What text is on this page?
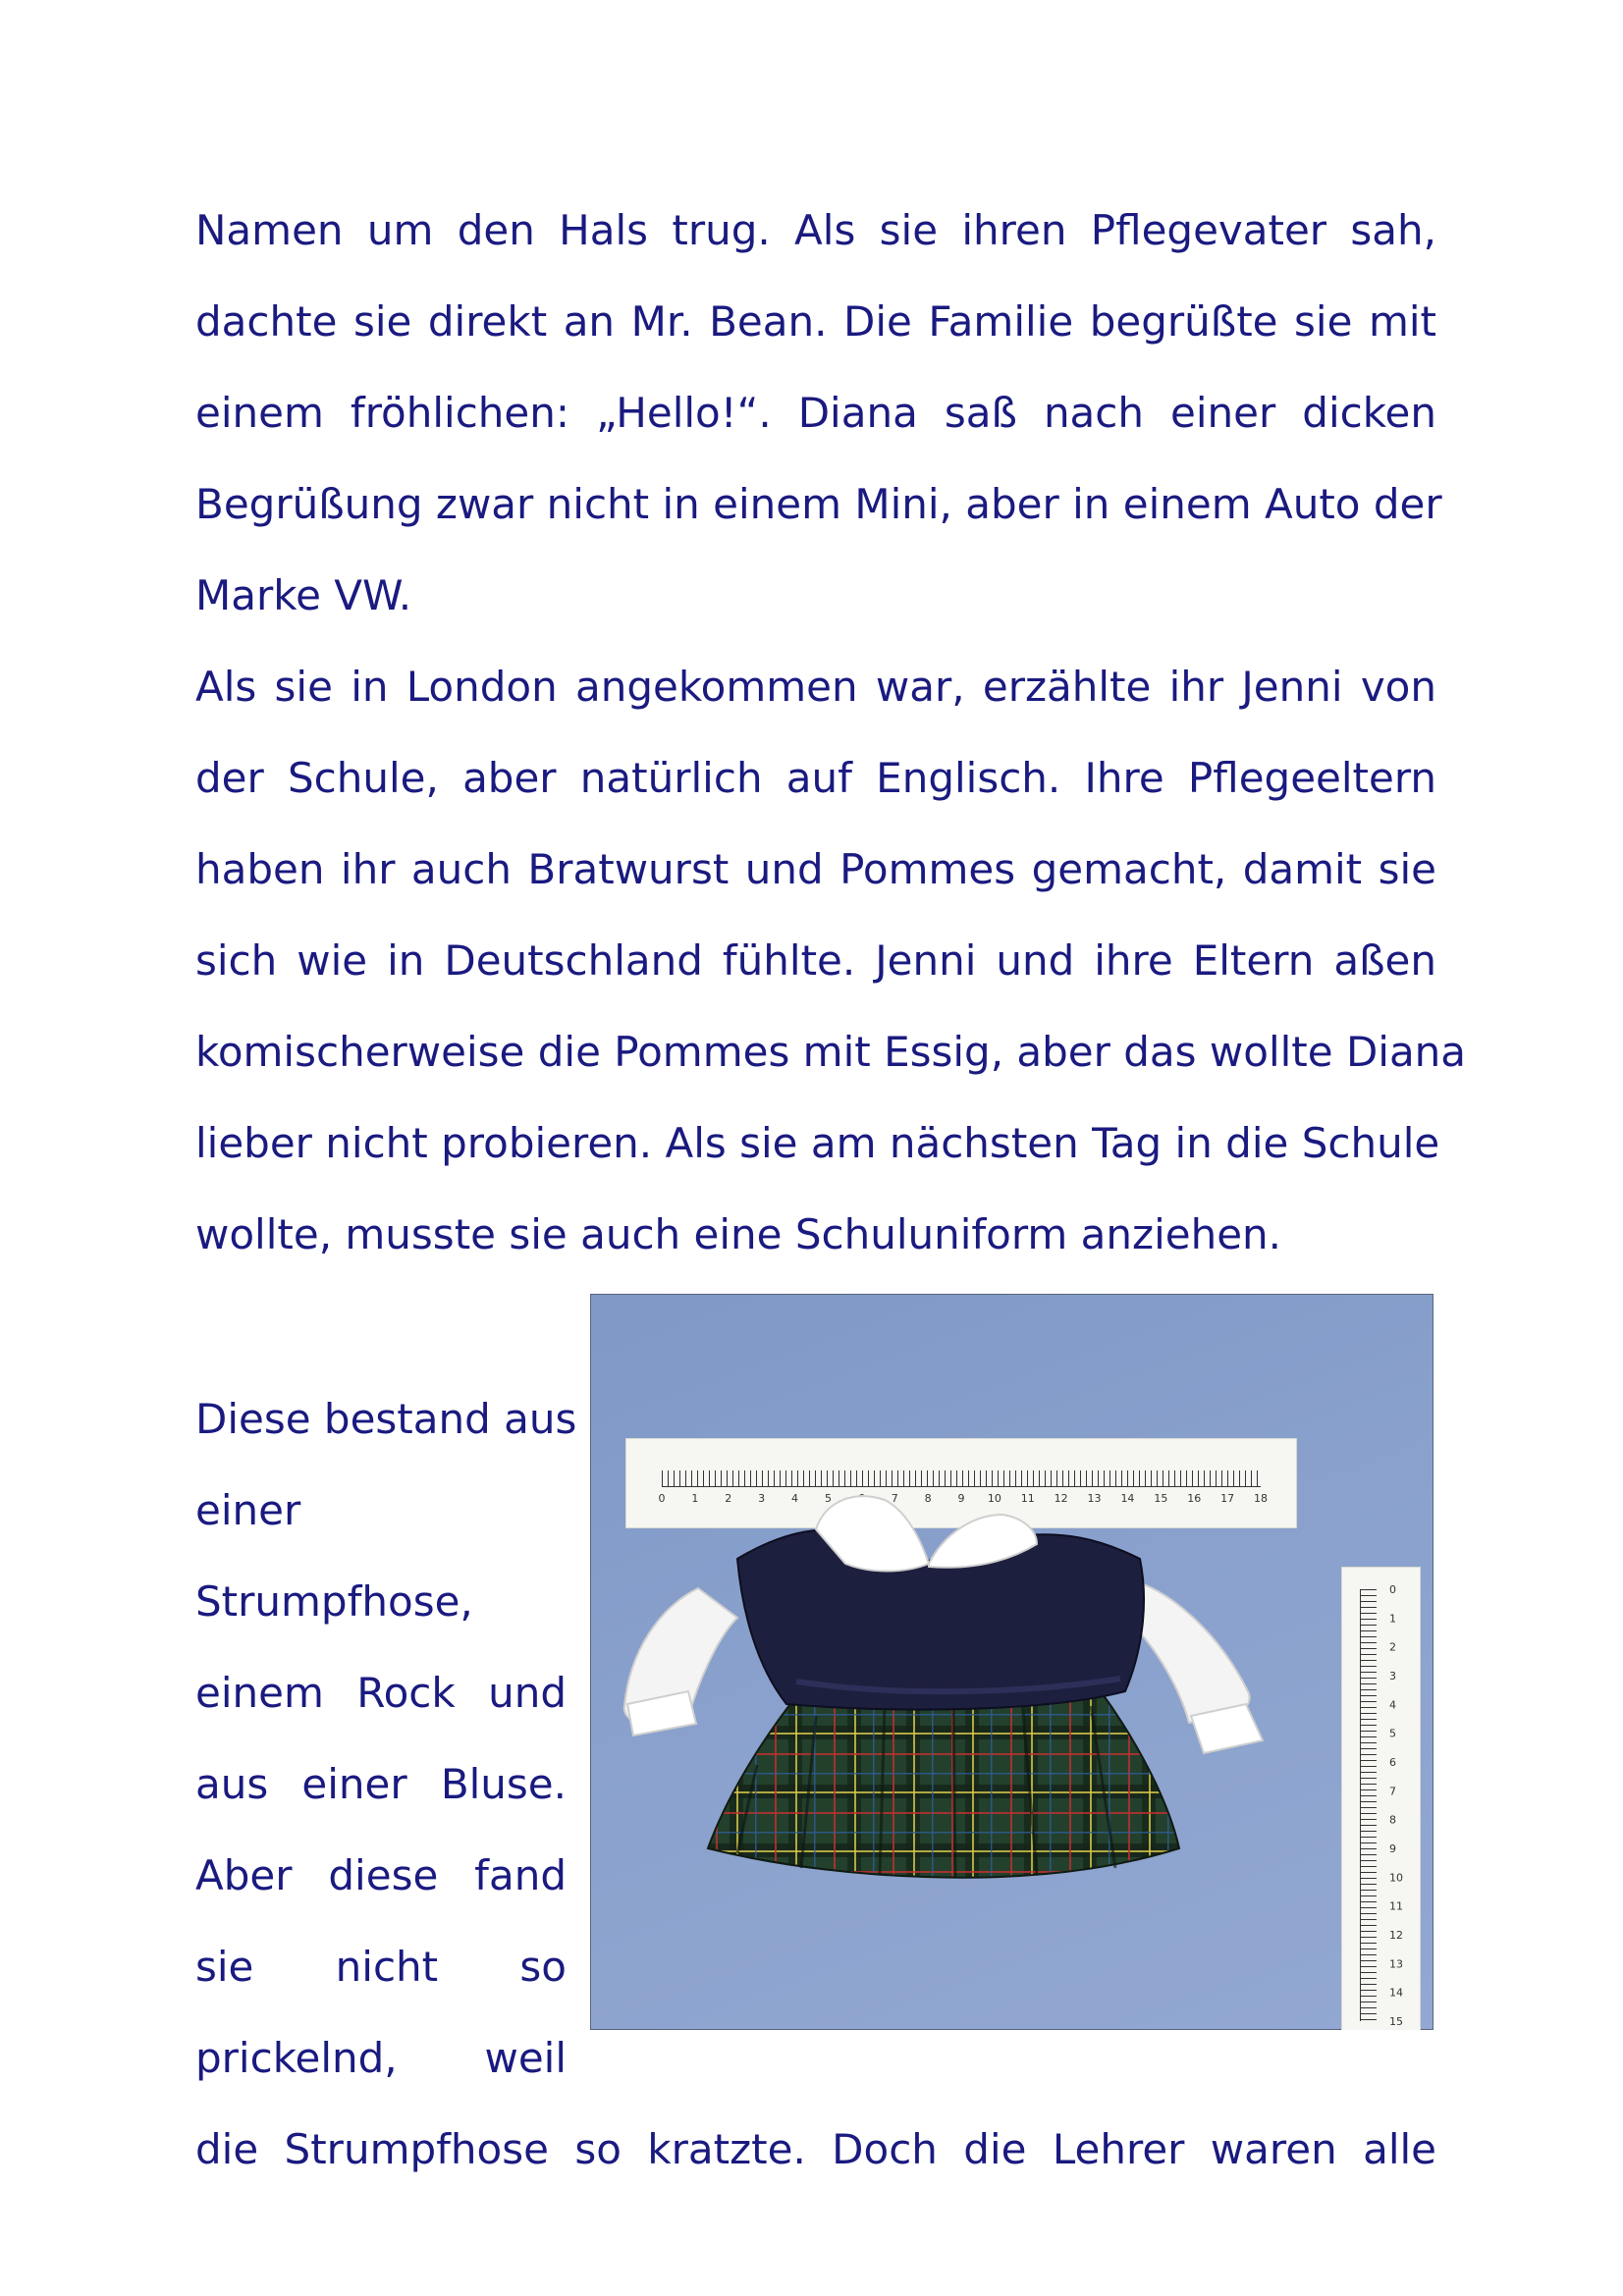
Namen um den Hals trug. Als sie ihren Pflegevater sah,
dachte sie direkt an Mr. Bean. Die Familie begrüßte sie mit
einem fröhlichen: „Hello!“. Diana saß nach einer dicken
Begrüßung zwar nicht in einem Mini, aber in einem Auto der
Marke VW.
Als sie in London angekommen war, erzählte ihr Jenni von
der Schule, aber natürlich auf Englisch. Ihre Pflegeeltern
haben ihr auch Bratwurst und Pommes gemacht, damit sie
sich wie in Deutschland fühlte. Jenni und ihre Eltern aßen
komischerweise die Pommes mit Essig, aber das wollte Diana
lieber nicht probieren. Als sie am nächsten Tag in die Schule
wollte, musste sie auch eine Schuluniform anziehen.
Diese bestand aus
einer
Strumpfhose,
einem Rock und
aus einer Bluse.
Aber diese fand
sie nicht so
prickelnd, weil
die Strumpfhose so kratzte. Doch die Lehrer waren alle
0 1 2 3 4 5	7 8 9 10 11 12 13 14 15 16 17 18
0
1
2
3
4
5
6
7
8
9
10
11
12
13
14
15
